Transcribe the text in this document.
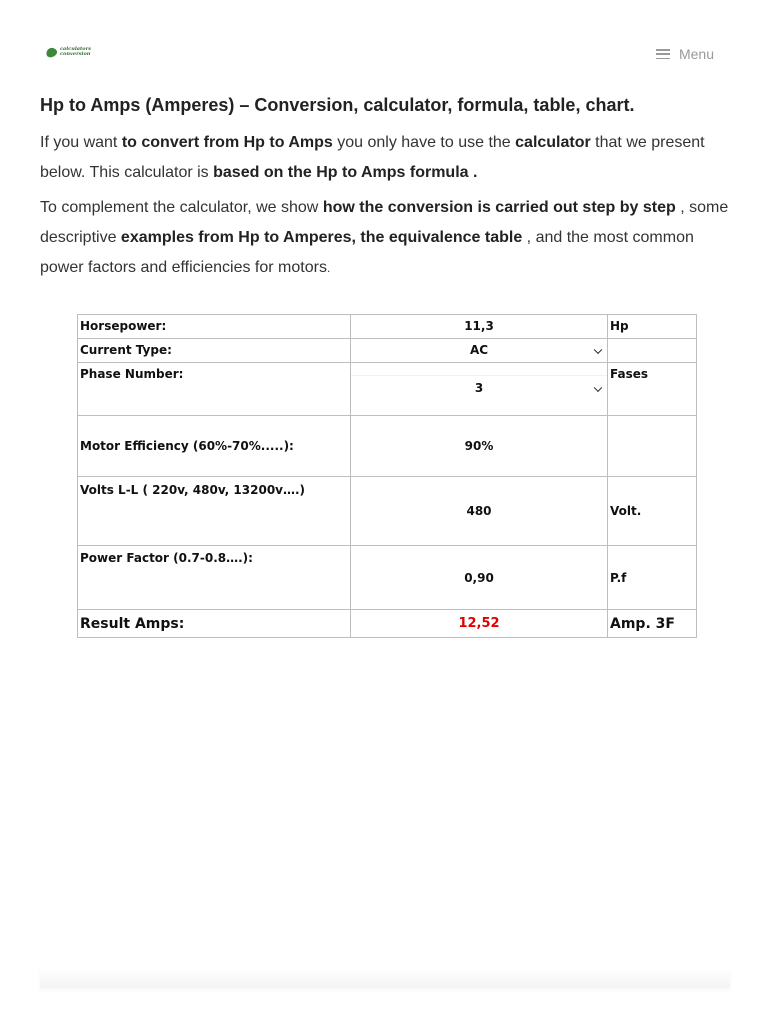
calculators
conversion	Menu
Hp to Amps (Amperes) – Conversion, calculator, formula, table, chart.

If you want to convert from Hp to Amps you only have to use the calculator that we present below. This calculator is based on the Hp to Amps formula .

To complement the calculator, we show how the conversion is carried out step by step , some descriptive examples from Hp to Amperes, the equivalence table , and the most common power factors and efficiencies for motors.

Horsepower:	11,3	Hp
Current Type:	AC	

Phase Number:	3	Fases
Motor Efficiency (60%-70%.....):	90%	
Volts L-L ( 220v, 480v, 13200v….)	480	Volt.
Power Factor (0.7-0.8….):	0,90	P.f
Result Amps:	12,52	Amp. 3F
